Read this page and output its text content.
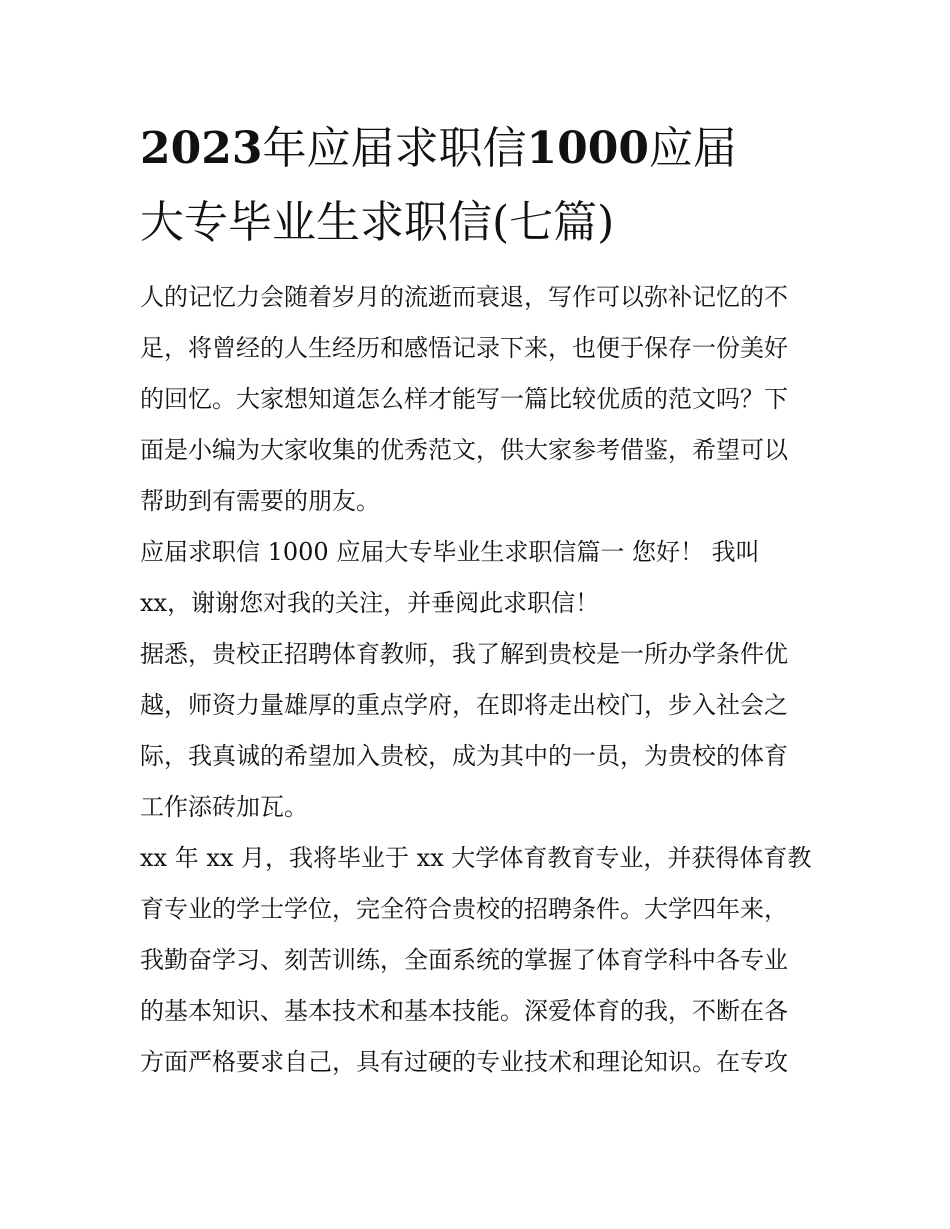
2023年应届求职信1000应届
大专毕业生求职信(七篇)
人的记忆力会随着岁月的流逝而衰退，写作可以弥补记忆的不
足，将曾经的人生经历和感悟记录下来，也便于保存一份美好
的回忆。大家想知道怎么样才能写一篇比较优质的范文吗？下
面是小编为大家收集的优秀范文，供大家参考借鉴，希望可以
帮助到有需要的朋友。
应届求职信 1000 应届大专毕业生求职信篇一 您好！ 我叫
xx，谢谢您对我的关注，并垂阅此求职信！
据悉，贵校正招聘体育教师，我了解到贵校是一所办学条件优
越，师资力量雄厚的重点学府，在即将走出校门，步入社会之
际，我真诚的希望加入贵校，成为其中的一员，为贵校的体育
工作添砖加瓦。
xx 年 xx 月，我将毕业于 xx 大学体育教育专业，并获得体育教
育专业的学士学位，完全符合贵校的招聘条件。大学四年来，
我勤奋学习、刻苦训练，全面系统的掌握了体育学科中各专业
的基本知识、基本技术和基本技能。深爱体育的我，不断在各
方面严格要求自己，具有过硬的专业技术和理论知识。在专攻
